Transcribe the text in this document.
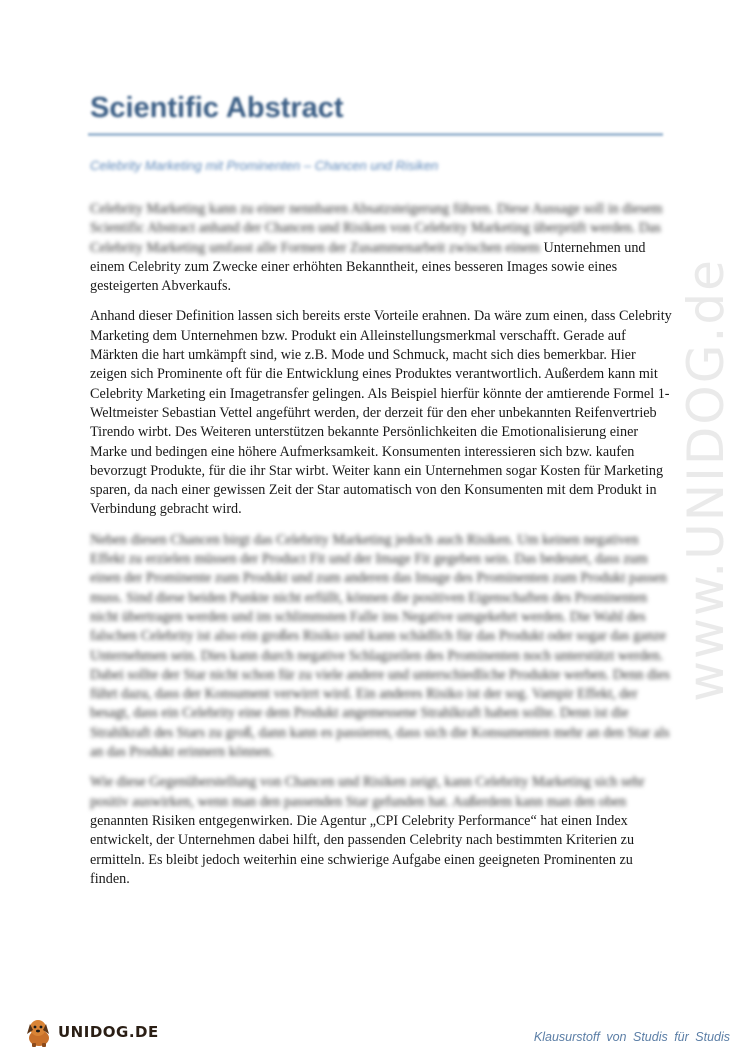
Scientific Abstract
Celebrity Marketing mit Prominenten – Chancen und Risiken
www.UNIDOG.de

Celebrity Marketing kann zu einer nennbaren Absatzsteigerung führen. Diese Aussage soll in diesem Scientific Abstract anhand der Chancen und Risiken von Celebrity Marketing überprüft werden. Das Celebrity Marketing umfasst alle Formen der Zusammenarbeit zwischen einem Unternehmen und einem Celebrity zum Zwecke einer erhöhten Bekanntheit, eines besseren Images sowie eines gesteigerten Abverkaufs.

Anhand dieser Definition lassen sich bereits erste Vorteile erahnen. Da wäre zum einen, dass Celebrity Marketing dem Unternehmen bzw. Produkt ein Alleinstellungsmerkmal verschafft. Gerade auf Märkten die hart umkämpft sind, wie z.B. Mode und Schmuck, macht sich dies bemerkbar. Hier zeigen sich Prominente oft für die Entwicklung eines Produktes verantwortlich. Außerdem kann mit Celebrity Marketing ein Imagetransfer gelingen. Als Beispiel hierfür könnte der amtierende Formel 1-Weltmeister Sebastian Vettel angeführt werden, der derzeit für den eher unbekannten Reifenvertrieb Tirendo wirbt. Des Weiteren unterstützen bekannte Persönlichkeiten die Emotionalisierung einer Marke und bedingen eine höhere Aufmerksamkeit. Konsumenten interessieren sich bzw. kaufen bevorzugt Produkte, für die ihr Star wirbt. Weiter kann ein Unternehmen sogar Kosten für Marketing sparen, da nach einer gewissen Zeit der Star automatisch von den Konsumenten mit dem Produkt in Verbindung gebracht wird.

Neben diesen Chancen birgt das Celebrity Marketing jedoch auch Risiken. Um keinen negativen Effekt zu erzielen müssen der Product Fit und der Image Fit gegeben sein. Das bedeutet, dass zum einen der Prominente zum Produkt und zum anderen das Image des Prominenten zum Produkt passen muss. Sind diese beiden Punkte nicht erfüllt, können die positiven Eigenschaften des Prominenten nicht übertragen werden und im schlimmsten Falle ins Negative umgekehrt werden. Die Wahl des falschen Celebrity ist also ein großes Risiko und kann schädlich für das Produkt oder sogar das ganze Unternehmen sein. Dies kann durch negative Schlagzeilen des Prominenten noch unterstützt werden. Dabei sollte der Star nicht schon für zu viele andere und unterschiedliche Produkte werben. Denn dies führt dazu, dass der Konsument verwirrt wird. Ein anderes Risiko ist der sog. Vampir Effekt, der besagt, dass ein Celebrity eine dem Produkt angemessene Strahlkraft haben sollte. Denn ist die Strahlkraft des Stars zu groß, dann kann es passieren, dass sich die Konsumenten mehr an den Star als an das Produkt erinnern können.

Wie diese Gegenüberstellung von Chancen und Risiken zeigt, kann Celebrity Marketing sich sehr positiv auswirken, wenn man den passenden Star gefunden hat. Außerdem kann man den oben genannten Risiken entgegenwirken. Die Agentur „CPI Celebrity Performance“ hat einen Index entwickelt, der Unternehmen dabei hilft, den passenden Celebrity nach bestimmten Kriterien zu ermitteln. Es bleibt jedoch weiterhin eine schwierige Aufgabe einen geeigneten Prominenten zu finden.

UNIDOG.DE	Klausurstoff von Studis für Studis
